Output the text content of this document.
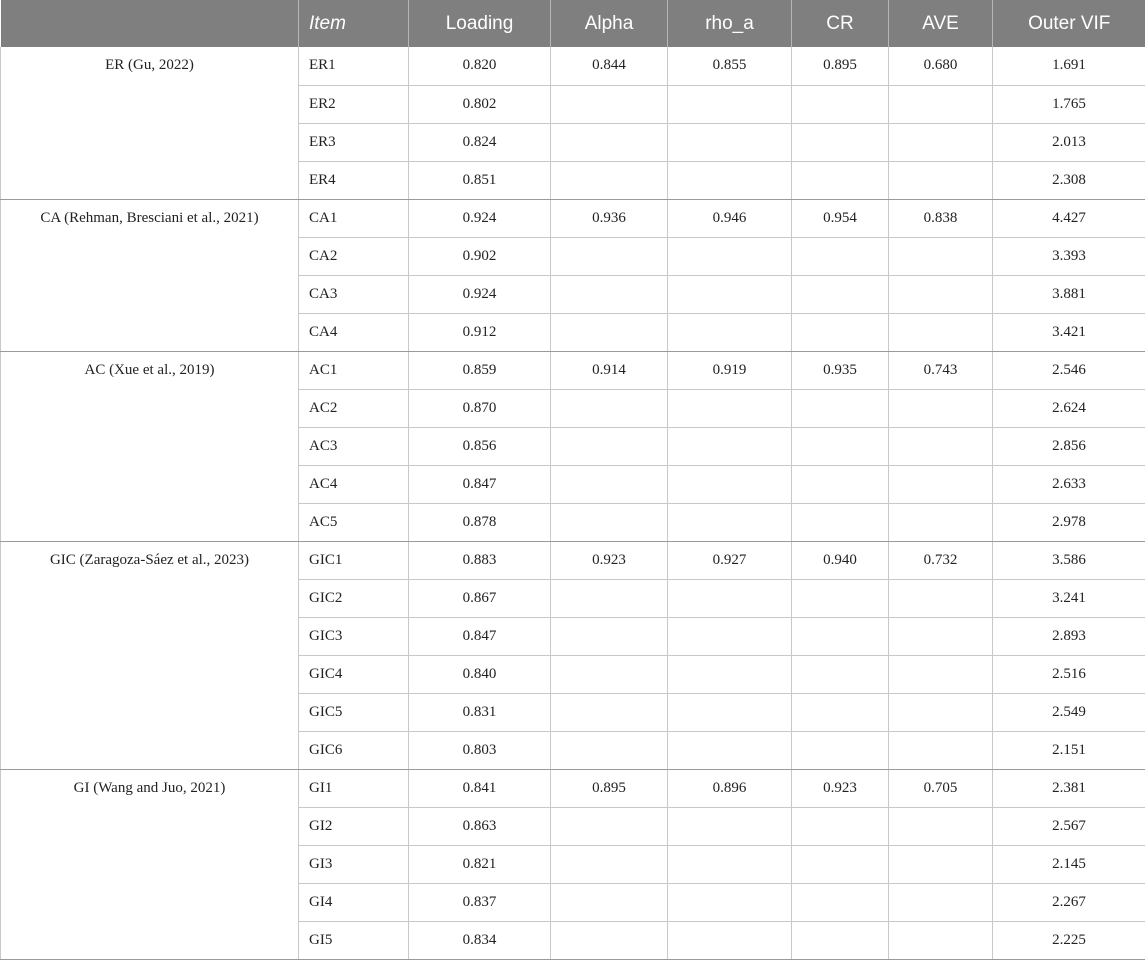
	Item	Loading	Alpha	rho_a	CR	AVE	Outer VIF
ER (Gu, 2022)	ER1	0.820	0.844	0.855	0.895	0.680	1.691
	ER2	0.802					1.765
	ER3	0.824					2.013
	ER4	0.851					2.308
CA (Rehman, Bresciani et al., 2021)	CA1	0.924	0.936	0.946	0.954	0.838	4.427
	CA2	0.902					3.393
	CA3	0.924					3.881
	CA4	0.912					3.421
AC (Xue et al., 2019)	AC1	0.859	0.914	0.919	0.935	0.743	2.546
	AC2	0.870					2.624
	AC3	0.856					2.856
	AC4	0.847					2.633
	AC5	0.878					2.978
GIC (Zaragoza-Sáez et al., 2023)	GIC1	0.883	0.923	0.927	0.940	0.732	3.586
	GIC2	0.867					3.241
	GIC3	0.847					2.893
	GIC4	0.840					2.516
	GIC5	0.831					2.549
	GIC6	0.803					2.151
GI (Wang and Juo, 2021)	GI1	0.841	0.895	0.896	0.923	0.705	2.381
	GI2	0.863					2.567
	GI3	0.821					2.145
	GI4	0.837					2.267
	GI5	0.834					2.225
